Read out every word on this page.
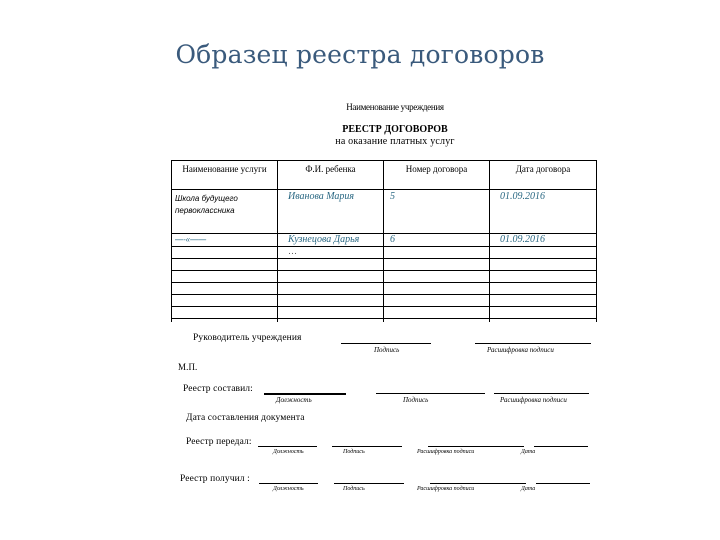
Образец реестра договоров
Наименование учреждения
РЕЕСТР ДОГОВОРОВ
на оказание платных услуг
Наименование услуги	Ф.И. ребенка	Номер договора	Дата договора

Школа будущего первоклассника	Иванова Мария	5	01.09.2016

—-«——	Кузнецова Дарья	6	01.09.2016

	…		

Руководитель учреждения
Подпись	Расшифровка подписи
М.П.
Реестр составил:
Должность	Подпись	Расшифровка подписи
Дата составления документа
Реестр передал:
Должность	Подпись	Расшифровка подписи	Дата
Реестр получил :
Должность	Подпись	Расшифровка подписи	Дата
